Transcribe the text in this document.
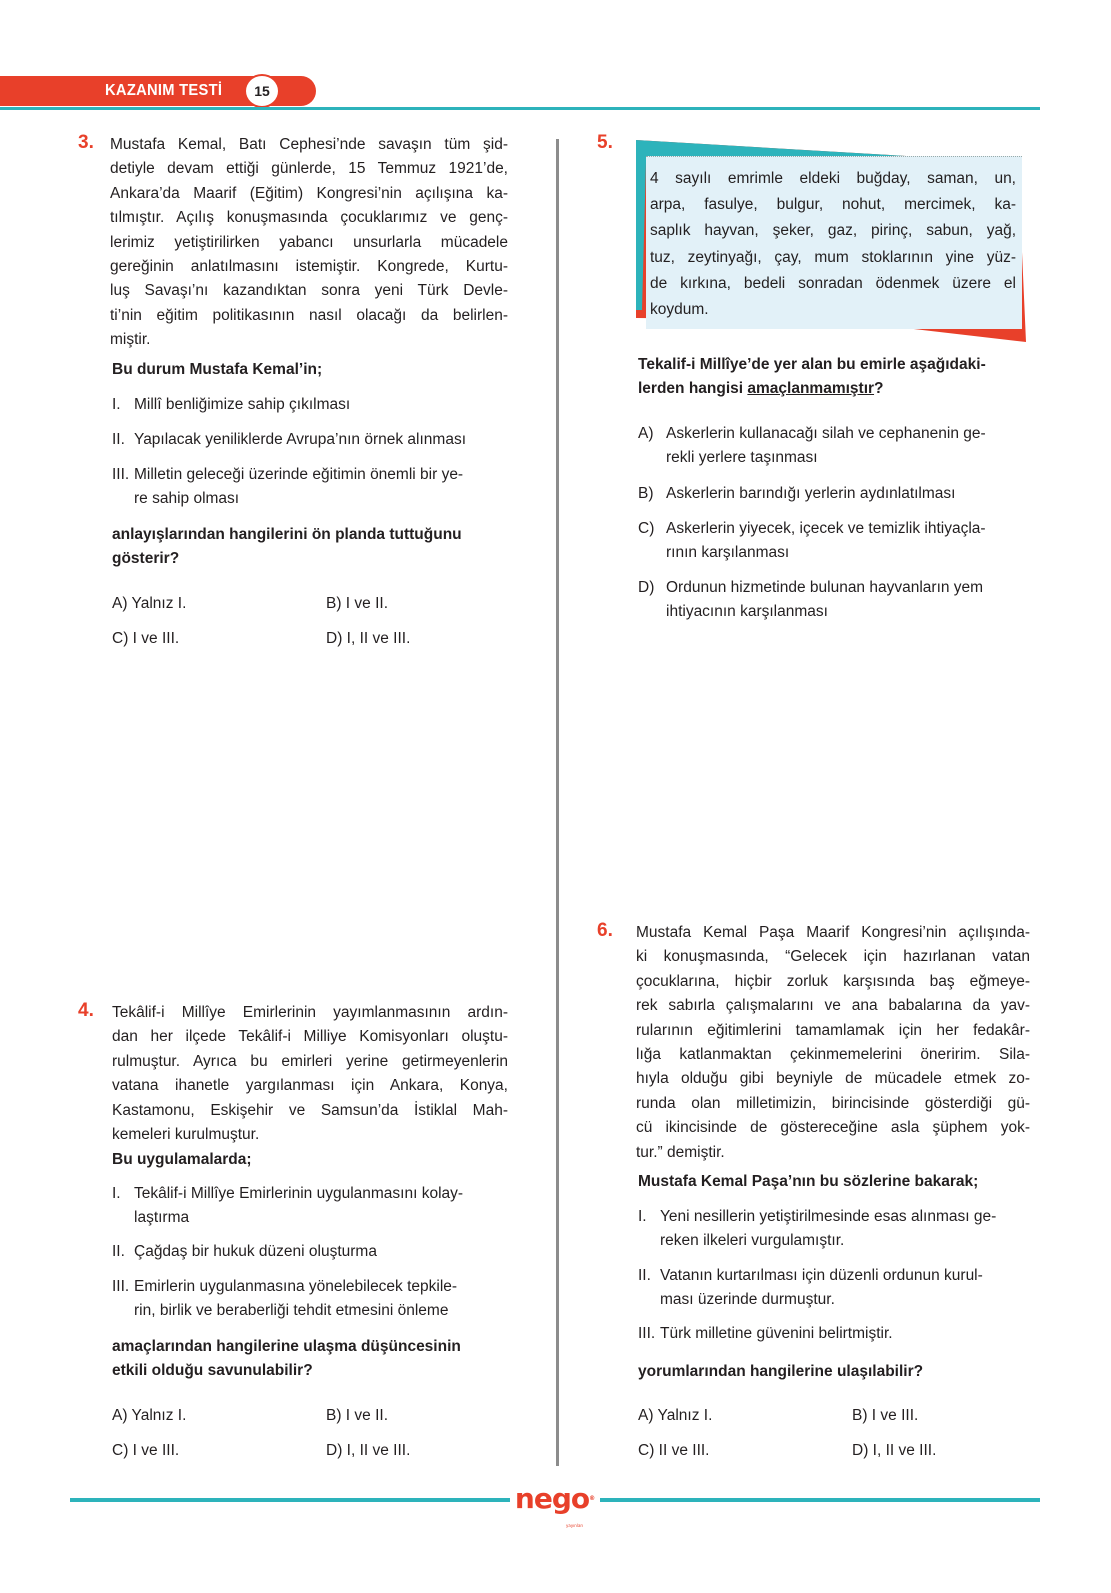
KAZANIM TESTİ	15
3. Mustafa Kemal, Batı Cephesi’nde savaşın tüm şid-
detiyle devam ettiği günlerde, 15 Temmuz 1921’de,
Ankara’da Maarif (Eğitim) Kongresi’nin açılışına ka-
tılmıştır. Açılış konuşmasında çocuklarımız ve genç-
lerimiz yetiştirilirken yabancı unsurlarla mücadele
gereğinin anlatılmasını istemiştir. Kongrede, Kurtu-
luş Savaşı’nı kazandıktan sonra yeni Türk Devle-
ti’nin eğitim politikasının nasıl olacağı da belirlen-
miştir.
Bu durum Mustafa Kemal’in;
I. Millî benliğimize sahip çıkılması
II. Yapılacak yeniliklerde Avrupa’nın örnek alınması
III. Milletin geleceği üzerinde eğitimin önemli bir ye-
re sahip olması
anlayışlarından hangilerini ön planda tuttuğunu
gösterir?
A) Yalnız I.	B) I ve II.
C) I ve III.	D) I, II ve III.
5.
4 sayılı emrimle eldeki buğday, saman, un,
arpa, fasulye, bulgur, nohut, mercimek, ka-
saplık hayvan, şeker, gaz, pirinç, sabun, yağ,
tuz, zeytinyağı, çay, mum stoklarının yine yüz-
de kırkına, bedeli sonradan ödenmek üzere el
koydum.
Tekalif-i Millîye’de yer alan bu emirle aşağıdaki-
lerden hangisi amaçlanmamıştır?
A) Askerlerin kullanacağı silah ve cephanenin ge-
rekli yerlere taşınması
B) Askerlerin barındığı yerlerin aydınlatılması
C) Askerlerin yiyecek, içecek ve temizlik ihtiyaçla-
rının karşılanması
D) Ordunun hizmetinde bulunan hayvanların yem
ihtiyacının karşılanması
4. Tekâlif-i Millîye Emirlerinin yayımlanmasının ardın-
dan her ilçede Tekâlif-i Milliye Komisyonları oluştu-
rulmuştur. Ayrıca bu emirleri yerine getirmeyenlerin
vatana ihanetle yargılanması için Ankara, Konya,
Kastamonu, Eskişehir ve Samsun’da İstiklal Mah-
kemeleri kurulmuştur.
Bu uygulamalarda;
I. Tekâlif-i Millîye Emirlerinin uygulanmasını kolay-
laştırma
II. Çağdaş bir hukuk düzeni oluşturma
III. Emirlerin uygulanmasına yönelebilecek tepkile-
rin, birlik ve beraberliği tehdit etmesini önleme
amaçlarından hangilerine ulaşma düşüncesinin
etkili olduğu savunulabilir?
A) Yalnız I.	B) I ve II.
C) I ve III.	D) I, II ve III.
6. Mustafa Kemal Paşa Maarif Kongresi’nin açılışında-
ki konuşmasında, “Gelecek için hazırlanan vatan
çocuklarına, hiçbir zorluk karşısında baş eğmeye-
rek sabırla çalışmalarını ve ana babalarına da yav-
rularının eğitimlerini tamamlamak için her fedakâr-
lığa katlanmaktan çekinmemelerini öneririm. Sila-
hıyla olduğu gibi beyniyle de mücadele etmek zo-
runda olan milletimizin, birincisinde gösterdiği gü-
cü ikincisinde de göstereceğine asla şüphem yok-
tur.” demiştir.
Mustafa Kemal Paşa’nın bu sözlerine bakarak;
I. Yeni nesillerin yetiştirilmesinde esas alınması ge-
reken ilkeleri vurgulamıştır.
II. Vatanın kurtarılması için düzenli ordunun kurul-
ması üzerinde durmuştur.
III. Türk milletine güvenini belirtmiştir.
yorumlarından hangilerine ulaşılabilir?
A) Yalnız I.	B) I ve III.
C) II ve III.	D) I, II ve III.
nego®
yayınları
